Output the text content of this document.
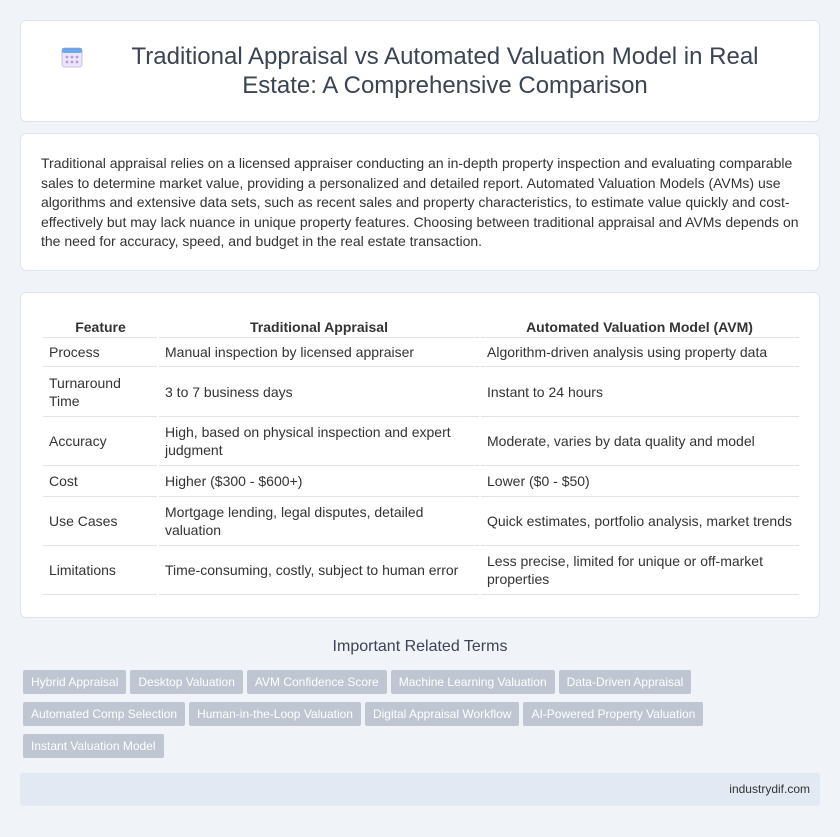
Traditional Appraisal vs Automated Valuation Model in Real Estate: A Comprehensive Comparison

Traditional appraisal relies on a licensed appraiser conducting an in-depth property inspection and evaluating comparable sales to determine market value, providing a personalized and detailed report. Automated Valuation Models (AVMs) use algorithms and extensive data sets, such as recent sales and property characteristics, to estimate value quickly and cost-effectively but may lack nuance in unique property features. Choosing between traditional appraisal and AVMs depends on the need for accuracy, speed, and budget in the real estate transaction.

Feature	Traditional Appraisal	Automated Valuation Model (AVM)
Process	Manual inspection by licensed appraiser	Algorithm-driven analysis using property data
Turnaround Time	3 to 7 business days	Instant to 24 hours
Accuracy	High, based on physical inspection and expert judgment	Moderate, varies by data quality and model
Cost	Higher ($300 - $600+)	Lower ($0 - $50)
Use Cases	Mortgage lending, legal disputes, detailed valuation	Quick estimates, portfolio analysis, market trends
Limitations	Time-consuming, costly, subject to human error	Less precise, limited for unique or off-market properties
Important Related Terms
Hybrid Appraisal Desktop Valuation AVM Confidence Score Machine Learning Valuation Data-Driven Appraisal
Automated Comp Selection Human-in-the-Loop Valuation Digital Appraisal Workflow AI-Powered Property Valuation
Instant Valuation Model
industrydif.com
